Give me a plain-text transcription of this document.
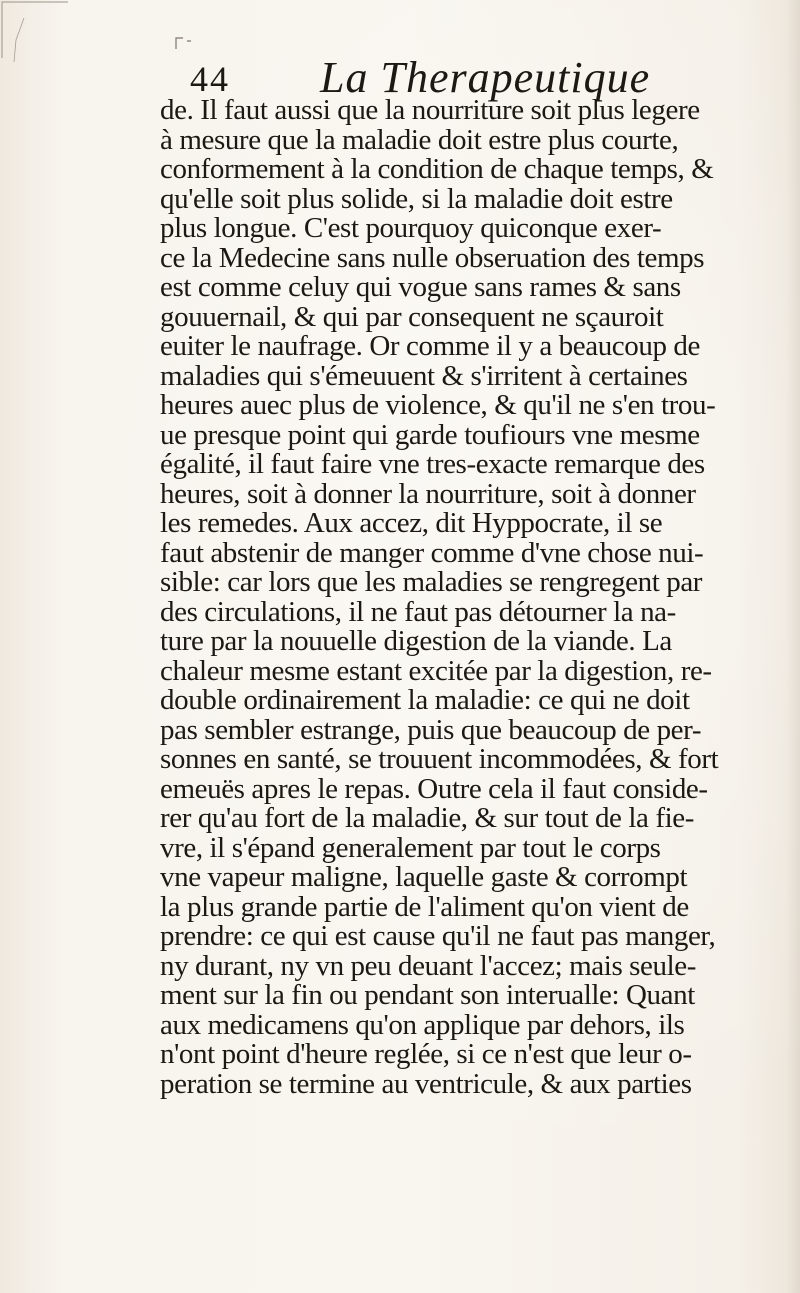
44 La Therapeutique
de. Il faut aussi que la nourriture soit plus legere
à mesure que la maladie doit estre plus courte,
conformement à la condition de chaque temps, &
qu'elle soit plus solide, si la maladie doit estre
plus longue. C'est pourquoy quiconque exer-
ce la Medecine sans nulle obseruation des temps
est comme celuy qui vogue sans rames & sans
gouuernail, & qui par consequent ne sçauroit
euiter le naufrage. Or comme il y a beaucoup de
maladies qui s'émeuuent & s'irritent à certaines
heures auec plus de violence, & qu'il ne s'en trou-
ue presque point qui garde toufiours vne mesme
égalité, il faut faire vne tres-exacte remarque des
heures, soit à donner la nourriture, soit à donner
les remedes. Aux accez, dit Hyppocrate, il se
faut abstenir de manger comme d'vne chose nui-
sible: car lors que les maladies se rengregent par
des circulations, il ne faut pas détourner la na-
ture par la nouuelle digestion de la viande. La
chaleur mesme estant excitée par la digestion, re-
double ordinairement la maladie: ce qui ne doit
pas sembler estrange, puis que beaucoup de per-
sonnes en santé, se trouuent incommodées, & fort
emeuës apres le repas. Outre cela il faut conside-
rer qu'au fort de la maladie, & sur tout de la fie-
vre, il s'épand generalement par tout le corps
vne vapeur maligne, laquelle gaste & corrompt
la plus grande partie de l'aliment qu'on vient de
prendre: ce qui est cause qu'il ne faut pas manger,
ny durant, ny vn peu deuant l'accez; mais seule-
ment sur la fin ou pendant son interualle: Quant
aux medicamens qu'on applique par dehors, ils
n'ont point d'heure reglée, si ce n'est que leur o-
peration se termine au ventricule, & aux parties
